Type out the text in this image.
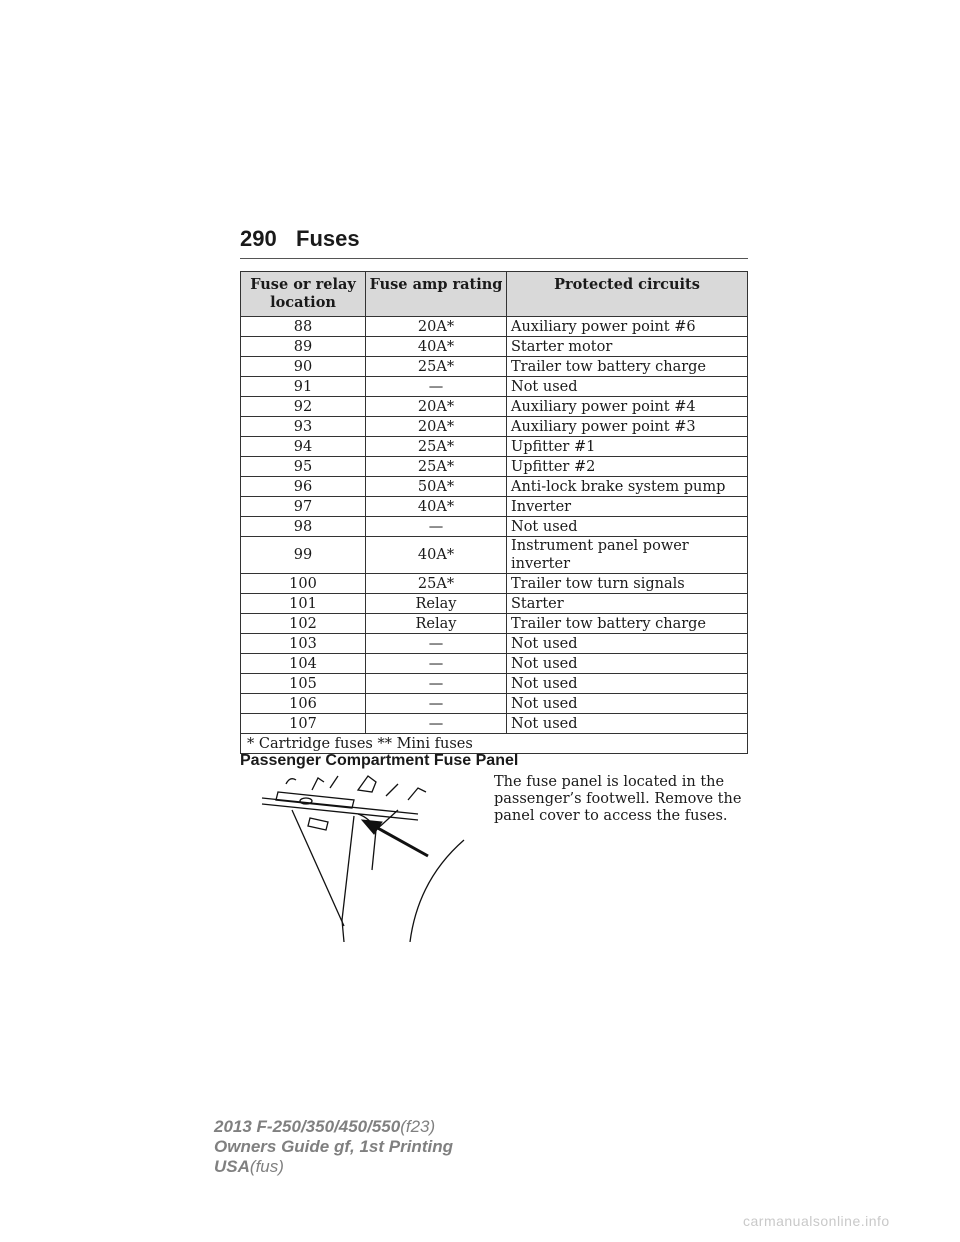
290 Fuses
Fuse or relay location	Fuse amp rating	Protected circuits
88	20A*	Auxiliary power point #6
89	40A*	Starter motor
90	25A*	Trailer tow battery charge
91	—	Not used
92	20A*	Auxiliary power point #4
93	20A*	Auxiliary power point #3
94	25A*	Upfitter #1
95	25A*	Upfitter #2
96	50A*	Anti-lock brake system pump
97	40A*	Inverter
98	—	Not used
99	40A*	Instrument panel power inverter
100	25A*	Trailer tow turn signals
101	Relay	Starter
102	Relay	Trailer tow battery charge
103	—	Not used
104	—	Not used
105	—	Not used
106	—	Not used
107	—	Not used
* Cartridge fuses ** Mini fuses		
Passenger Compartment Fuse Panel
The fuse panel is located in the passenger’s footwell. Remove the panel cover to access the fuses.
2013 F-250/350/450/550(f23)
Owners Guide gf, 1st Printing
USA(fus)
carmanualsonline.info
